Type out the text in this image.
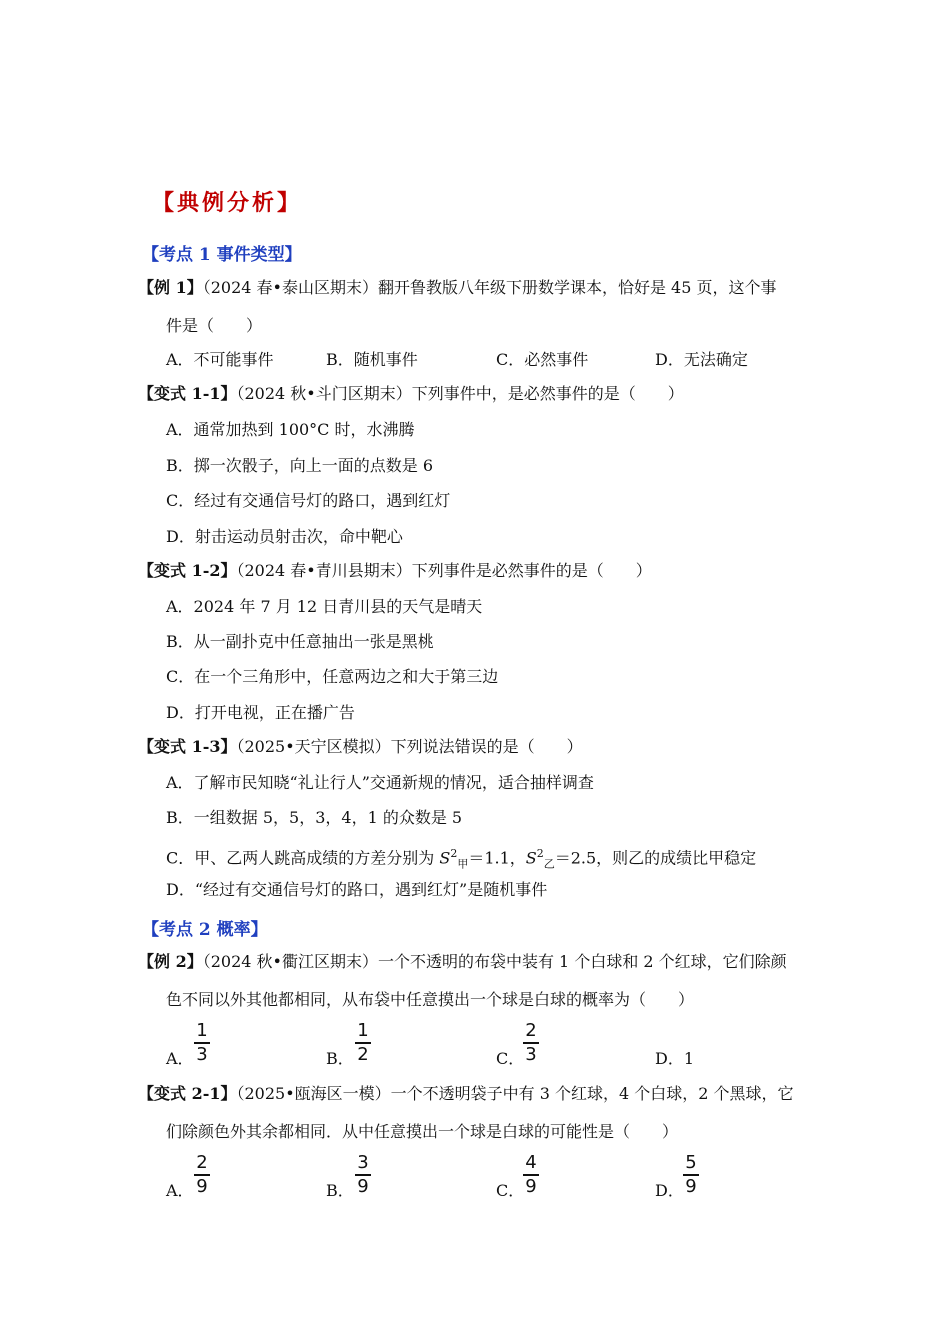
【典例分析】
【考点 1 事件类型】
【例 1】（2024 春•泰山区期末）翻开鲁教版八年级下册数学课本，恰好是 45 页，这个事
件是（　　）
A．不可能事件	B．随机事件	C．必然事件	D．无法确定
【变式 1-1】（2024 秋•斗门区期末）下列事件中，是必然事件的是（　　）
A．通常加热到 100°C 时，水沸腾
B．掷一次骰子，向上一面的点数是 6
C．经过有交通信号灯的路口，遇到红灯
D．射击运动员射击次，命中靶心
【变式 1-2】（2024 春•青川县期末）下列事件是必然事件的是（　　）
A．2024 年 7 月 12 日青川县的天气是晴天
B．从一副扑克中任意抽出一张是黑桃
C．在一个三角形中，任意两边之和大于第三边
D．打开电视，正在播广告
【变式 1-3】（2025•天宁区模拟）下列说法错误的是（　　）
A．了解市民知晓“礼让行人”交通新规的情况，适合抽样调查
B．一组数据 5，5，3，4，1 的众数是 5
C．甲、乙两人跳高成绩的方差分别为 $S^2_甲=1.1$，$S^2_乙=2.5$，则乙的成绩比甲稳定
D．“经过有交通信号灯的路口，遇到红灯”是随机事件
【考点 2 概率】
【例 2】（2024 秋•衢江区期末）一个不透明的布袋中装有 1 个白球和 2 个红球，它们除颜
色不同以外其他都相同，从布袋中任意摸出一个球是白球的概率为（　　）
A．
1
3	B．
1
2	C．
2
3	D．1
【变式 2-1】（2025•瓯海区一模）一个不透明袋子中有 3 个红球，4 个白球，2 个黑球，它
们除颜色外其余都相同．从中任意摸出一个球是白球的可能性是（　　）
A．
2
9	B．
3
9	C．
4
9	D．
5
9
